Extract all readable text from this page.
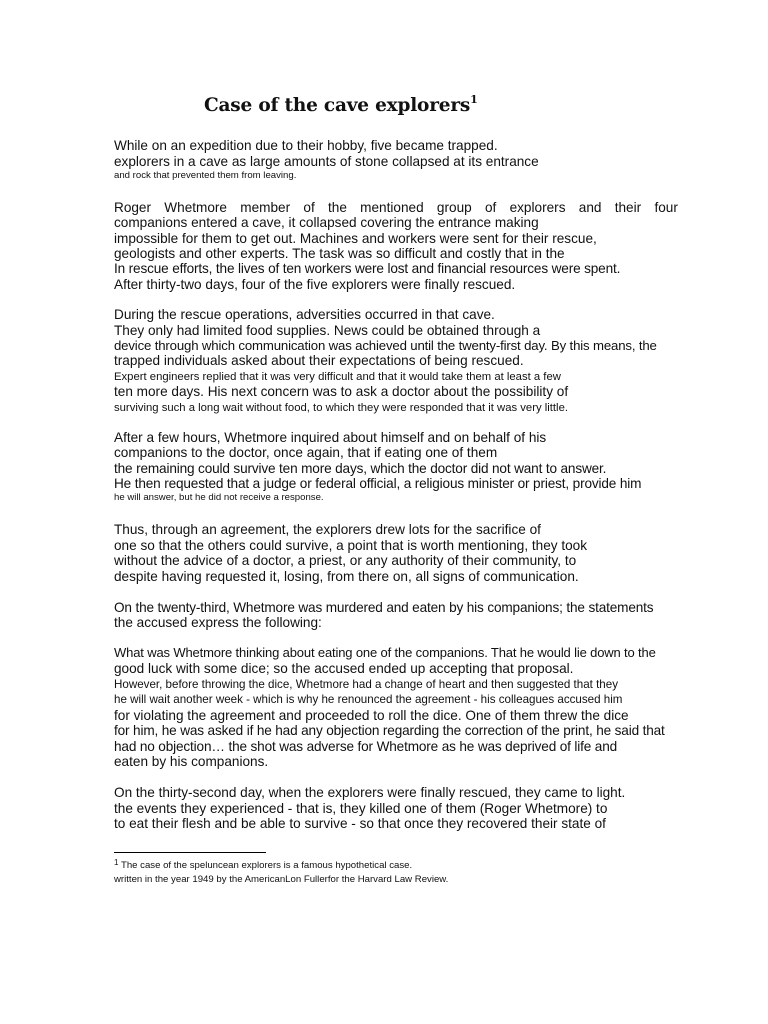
Case of the cave explorers$^1$
While on an expedition due to their hobby, five became trapped.
explorers in a cave as large amounts of stone collapsed at its entrance
and rock that prevented them from leaving.
Roger Whetmore member of the mentioned group of explorers and their four
companions entered a cave, it collapsed covering the entrance making
impossible for them to get out. Machines and workers were sent for their rescue,
geologists and other experts. The task was so difficult and costly that in the
In rescue efforts, the lives of ten workers were lost and financial resources were spent.
After thirty-two days, four of the five explorers were finally rescued.
During the rescue operations, adversities occurred in that cave.
They only had limited food supplies. News could be obtained through a
device through which communication was achieved until the twenty-first day. By this means, the
trapped individuals asked about their expectations of being rescued.
Expert engineers replied that it was very difficult and that it would take them at least a few
ten more days. His next concern was to ask a doctor about the possibility of
surviving such a long wait without food, to which they were responded that it was very little.
After a few hours, Whetmore inquired about himself and on behalf of his
companions to the doctor, once again, that if eating one of them
the remaining could survive ten more days, which the doctor did not want to answer.
He then requested that a judge or federal official, a religious minister or priest, provide him
he will answer, but he did not receive a response.
Thus, through an agreement, the explorers drew lots for the sacrifice of
one so that the others could survive, a point that is worth mentioning, they took
without the advice of a doctor, a priest, or any authority of their community, to
despite having requested it, losing, from there on, all signs of communication.
On the twenty-third, Whetmore was murdered and eaten by his companions; the statements
the accused express the following:
What was Whetmore thinking about eating one of the companions. That he would lie down to the
good luck with some dice; so the accused ended up accepting that proposal.
However, before throwing the dice, Whetmore had a change of heart and then suggested that they
he will wait another week - which is why he renounced the agreement - his colleagues accused him
for violating the agreement and proceeded to roll the dice. One of them threw the dice
for him, he was asked if he had any objection regarding the correction of the print, he said that
had no objection… the shot was adverse for Whetmore as he was deprived of life and
eaten by his companions.
On the thirty-second day, when the explorers were finally rescued, they came to light.
the events they experienced - that is, they killed one of them (Roger Whetmore) to
to eat their flesh and be able to survive - so that once they recovered their state of
$^1$ The case of the speluncean explorers is a famous hypothetical case.
written in the year 1949 by the AmericanLon Fullerfor the Harvard Law Review.
